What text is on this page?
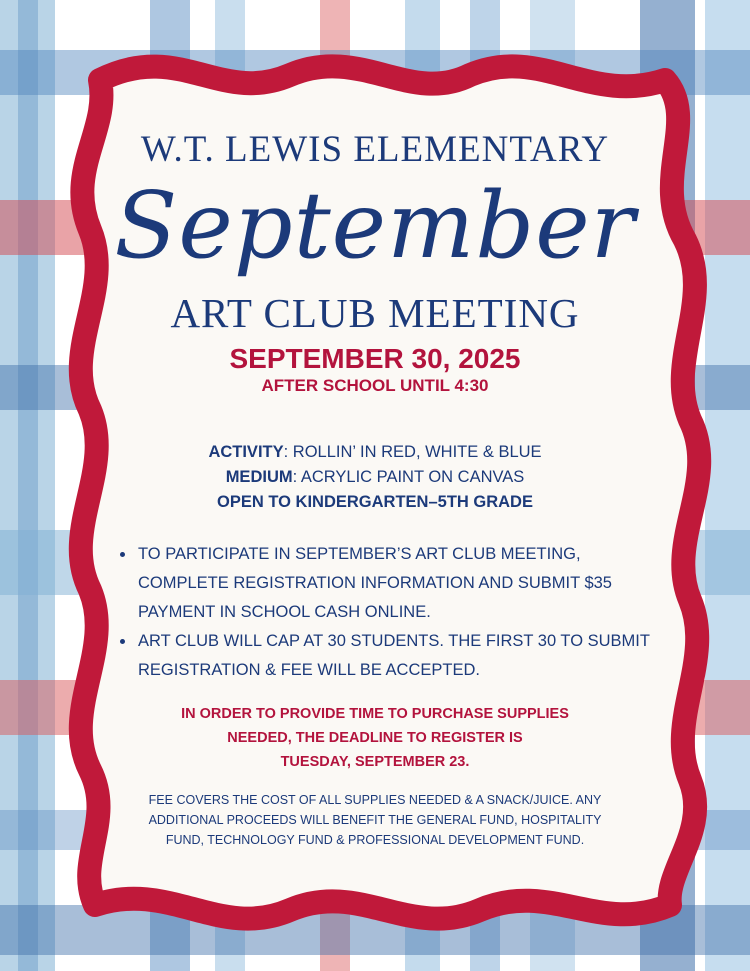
W.T. LEWIS ELEMENTARY
September
ART CLUB MEETING
SEPTEMBER 30, 2025
AFTER SCHOOL UNTIL 4:30
ACTIVITY: ROLLIN’ IN RED, WHITE & BLUE
MEDIUM: ACRYLIC PAINT ON CANVAS
OPEN TO KINDERGARTEN–5TH GRADE
• TO PARTICIPATE IN SEPTEMBER’S ART CLUB MEETING, COMPLETE REGISTRATION INFORMATION AND SUBMIT $35 PAYMENT IN SCHOOL CASH ONLINE.
• ART CLUB WILL CAP AT 30 STUDENTS. THE FIRST 30 TO SUBMIT REGISTRATION & FEE WILL BE ACCEPTED.
IN ORDER TO PROVIDE TIME TO PURCHASE SUPPLIES
NEEDED, THE DEADLINE TO REGISTER IS
TUESDAY, SEPTEMBER 23.
FEE COVERS THE COST OF ALL SUPPLIES NEEDED & A SNACK/JUICE. ANY
ADDITIONAL PROCEEDS WILL BENEFIT THE GENERAL FUND, HOSPITALITY
FUND, TECHNOLOGY FUND & PROFESSIONAL DEVELOPMENT FUND.
